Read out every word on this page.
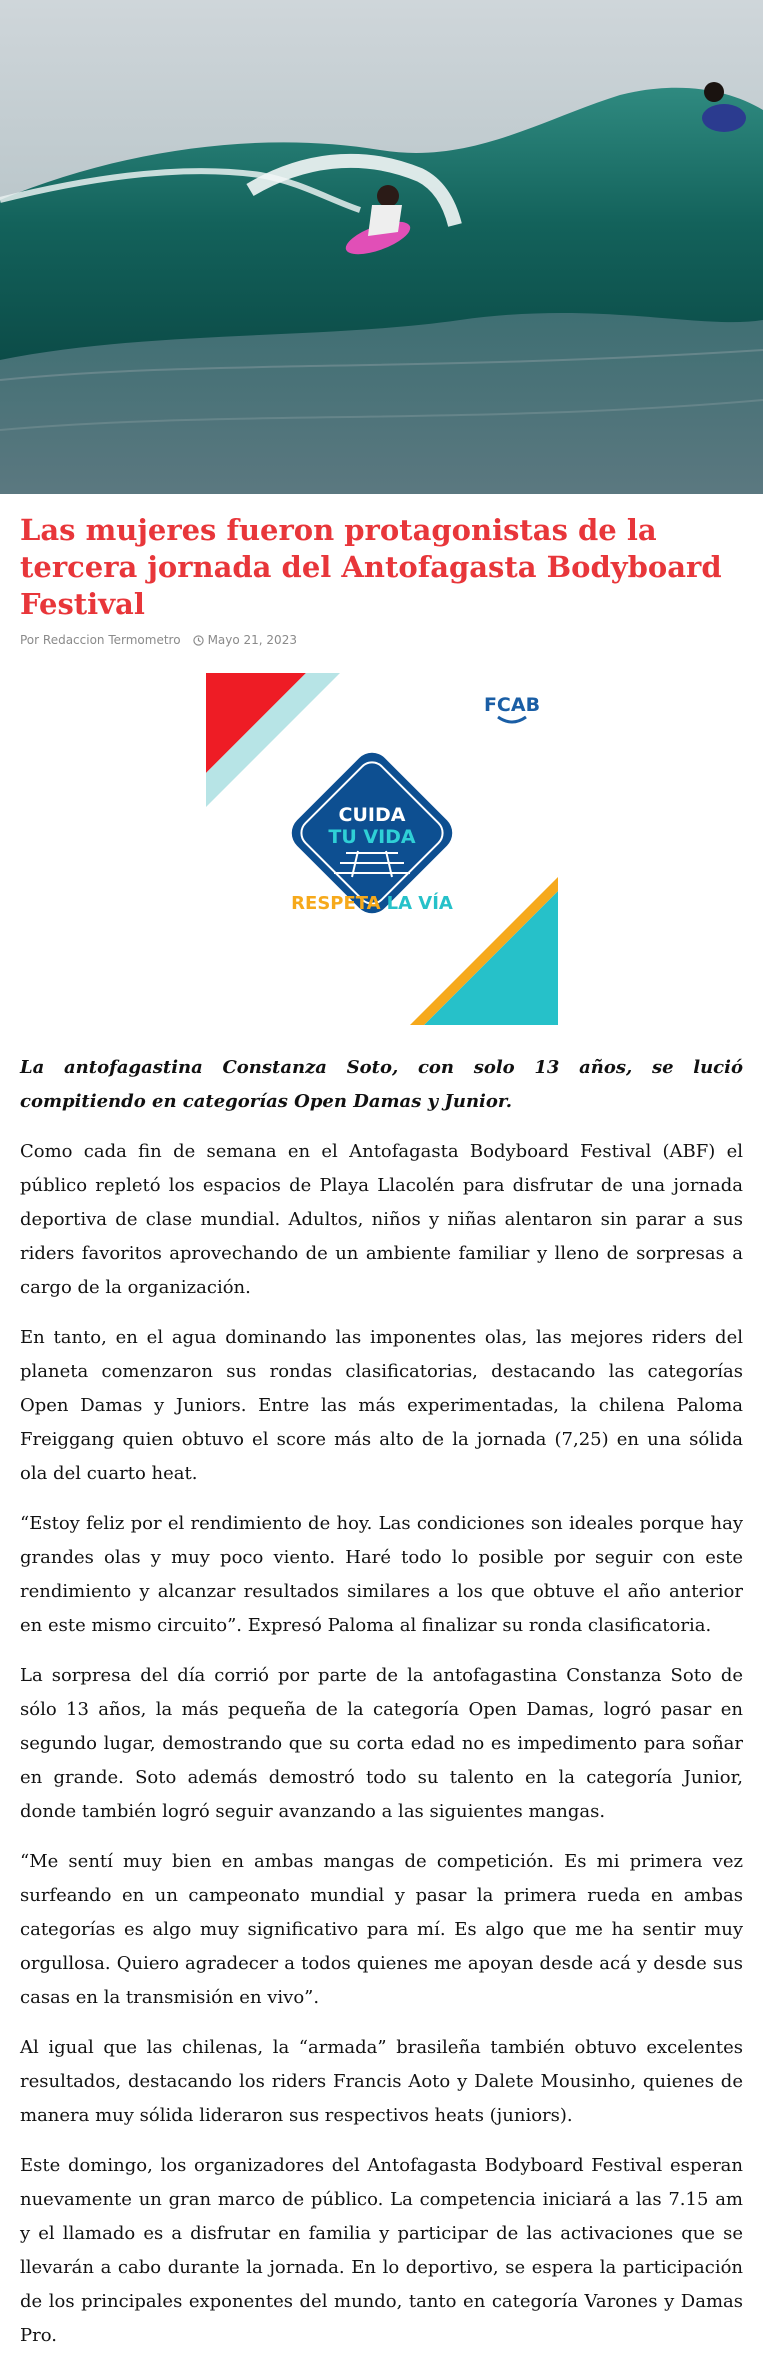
Las mujeres fueron protagonistas de la tercera jornada del Antofagasta Bodyboard Festival
Por Redaccion Termometro Mayo 21, 2023
FCAB
CUIDA
TU VIDA
RESPETA LA VÍA

La antofagastina Constanza Soto, con solo 13 años, se lució compitiendo en categorías Open Damas y Junior.

Como cada fin de semana en el Antofagasta Bodyboard Festival (ABF) el público repletó los espacios de Playa Llacolén para disfrutar de una jornada deportiva de clase mundial. Adultos, niños y niñas alentaron sin parar a sus riders favoritos aprovechando de un ambiente familiar y lleno de sorpresas a cargo de la organización.

En tanto, en el agua dominando las imponentes olas, las mejores riders del planeta comenzaron sus rondas clasificatorias, destacando las categorías Open Damas y Juniors. Entre las más experimentadas, la chilena Paloma Freiggang quien obtuvo el score más alto de la jornada (7,25) en una sólida ola del cuarto heat.

“Estoy feliz por el rendimiento de hoy. Las condiciones son ideales porque hay grandes olas y muy poco viento. Haré todo lo posible por seguir con este rendimiento y alcanzar resultados similares a los que obtuve el año anterior en este mismo circuito”. Expresó Paloma al finalizar su ronda clasificatoria.

La sorpresa del día corrió por parte de la antofagastina Constanza Soto de sólo 13 años, la más pequeña de la categoría Open Damas, logró pasar en segundo lugar, demostrando que su corta edad no es impedimento para soñar en grande. Soto además demostró todo su talento en la categoría Junior, donde también logró seguir avanzando a las siguientes mangas.

“Me sentí muy bien en ambas mangas de competición. Es mi primera vez surfeando en un campeonato mundial y pasar la primera rueda en ambas categorías es algo muy significativo para mí. Es algo que me ha sentir muy orgullosa. Quiero agradecer a todos quienes me apoyan desde acá y desde sus casas en la transmisión en vivo”.

Al igual que las chilenas, la “armada” brasileña también obtuvo excelentes resultados, destacando los riders Francis Aoto y Dalete Mousinho, quienes de manera muy sólida lideraron sus respectivos heats (juniors).

Este domingo, los organizadores del Antofagasta Bodyboard Festival esperan nuevamente un gran marco de público. La competencia iniciará a las 7.15 am y el llamado es a disfrutar en familia y participar de las activaciones que se llevarán a cabo durante la jornada. En lo deportivo, se espera la participación de los principales exponentes del mundo, tanto en categoría Varones y Damas Pro.
